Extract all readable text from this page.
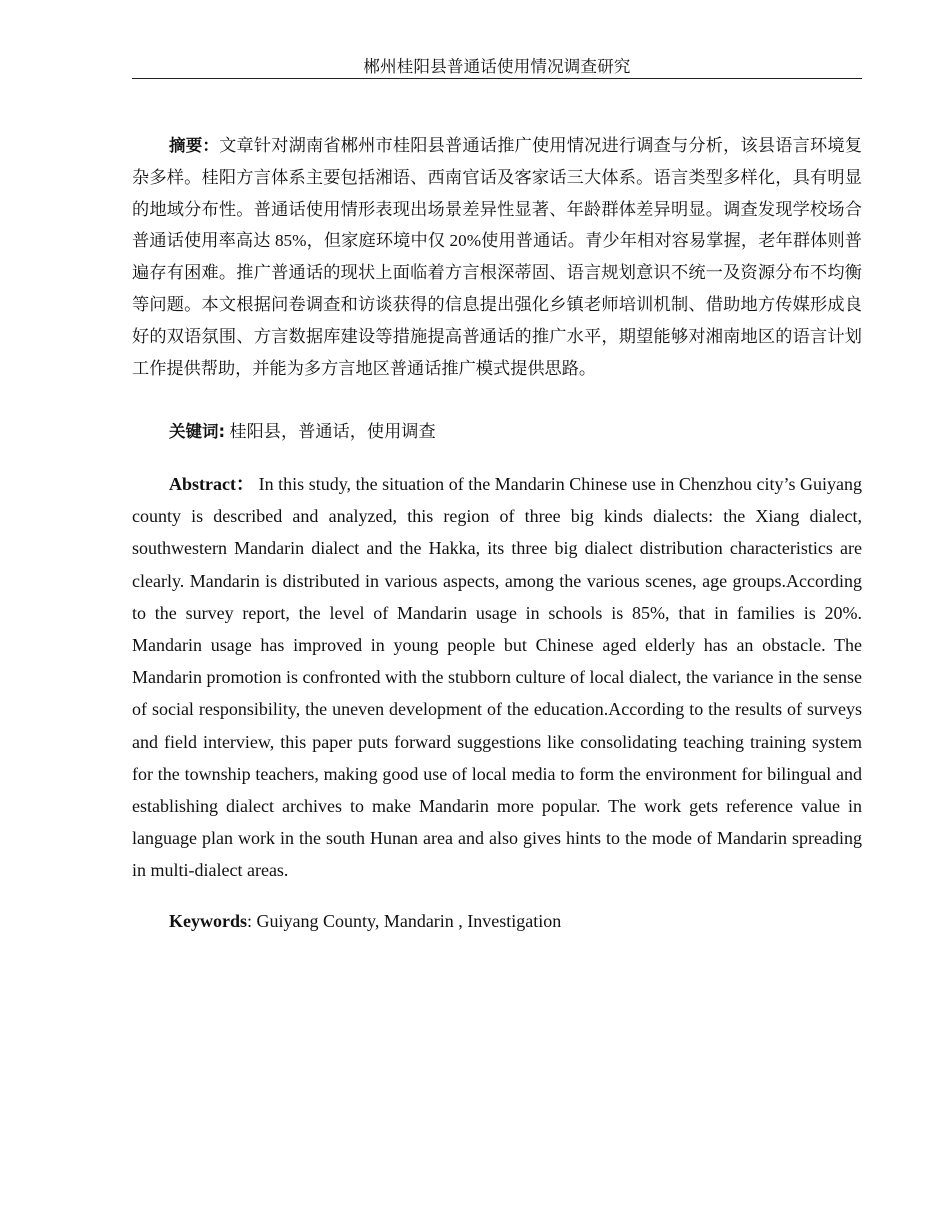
郴州桂阳县普通话使用情况调查研究

摘要：文章针对湖南省郴州市桂阳县普通话推广使用情况进行调查与分析，该县语言环境复杂多样。桂阳方言体系主要包括湘语、西南官话及客家话三大体系。语言类型多样化，具有明显的地域分布性。普通话使用情形表现出场景差异性显著、年龄群体差异明显。调查发现学校场合普通话使用率高达 85%，但家庭环境中仅 20%使用普通话。青少年相对容易掌握，老年群体则普遍存有困难。推广普通话的现状上面临着方言根深蒂固、语言规划意识不统一及资源分布不均衡等问题。本文根据问卷调查和访谈获得的信息提出强化乡镇老师培训机制、借助地方传媒形成良好的双语氛围、方言数据库建设等措施提高普通话的推广水平，期望能够对湘南地区的语言计划工作提供帮助，并能为多方言地区普通话推广模式提供思路。

关键词: 桂阳县，普通话，使用调查

Abstract： In this study, the situation of the Mandarin Chinese use in Chenzhou city’s Guiyang county is described and analyzed, this region of three big kinds dialects: the Xiang dialect, southwestern Mandarin dialect and the Hakka, its three big dialect distribution characteristics are clearly. Mandarin is distributed in various aspects, among the various scenes, age groups.According to the survey report, the level of Mandarin usage in schools is 85%, that in families is 20%. Mandarin usage has improved in young people but Chinese aged elderly has an obstacle. The Mandarin promotion is confronted with the stubborn culture of local dialect, the variance in the sense of social responsibility, the uneven development of the education.According to the results of surveys and field interview, this paper puts forward suggestions like consolidating teaching training system for the township teachers, making good use of local media to form the environment for bilingual and establishing dialect archives to make Mandarin more popular. The work gets reference value in language plan work in the south Hunan area and also gives hints to the mode of Mandarin spreading in multi-dialect areas.

Keywords: Guiyang County, Mandarin , Investigation
